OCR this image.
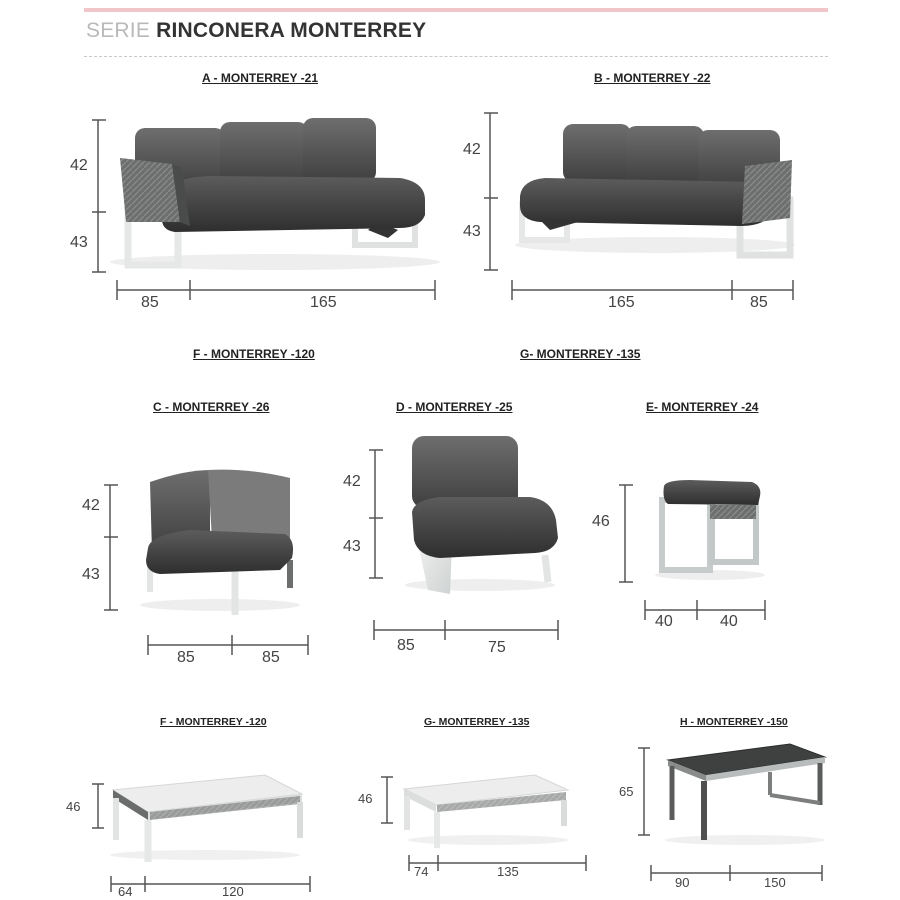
SERIE RINCONERA MONTERREY
A - MONTERREY -21	B - MONTERREY -22
F - MONTERREY -120	G- MONTERREY -135
C - MONTERREY -26	D - MONTERREY -25	E- MONTERREY -24
F - MONTERREY -120	G- MONTERREY -135	H - MONTERREY -150
42
43
85	165
42
43
165	85
42
43
85	85
42
43
85	75
46
40	40
46
64	120
46
74	135
65
90	150
